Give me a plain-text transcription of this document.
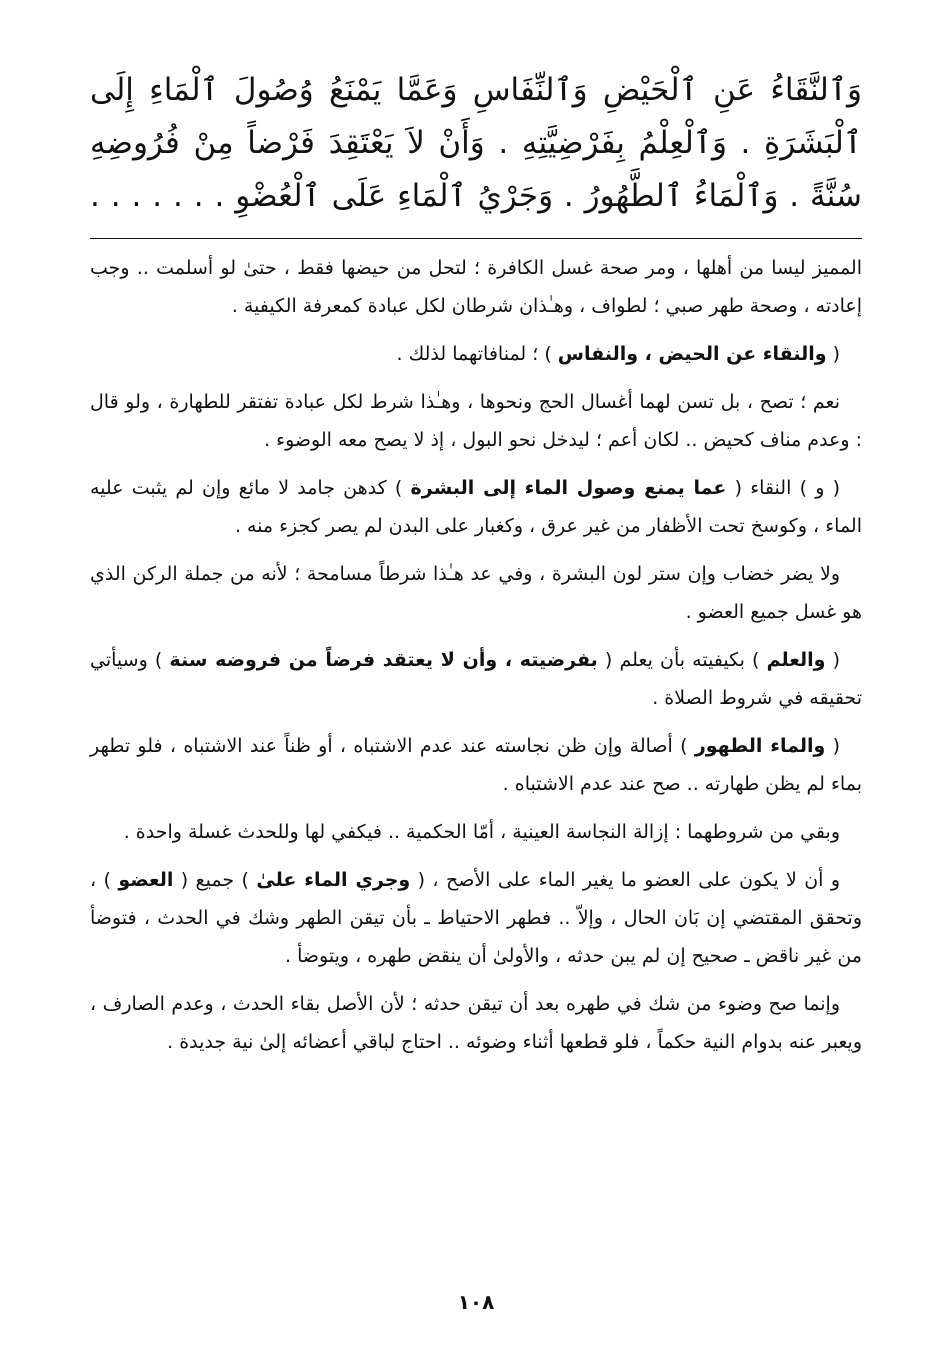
وَٱلنَّقَاءُ عَنِ ٱلْحَيْضِ وَٱلنِّفَاسِ وَعَمَّا يَمْنَعُ وُصُولَ ٱلْمَاءِ إِلَى ٱلْبَشَرَةِ . وَٱلْعِلْمُ بِفَرْضِيَّتِهِ . وَأَنْ لاَ يَعْتَقِدَ فَرْضاً مِنْ فُرُوضِهِ سُنَّةً . وَٱلْمَاءُ ٱلطَّهُورُ . وَجَرْيُ ٱلْمَاءِ عَلَى ٱلْعُضْوِ . . . . . . .

المميز ليسا من أهلها ، ومر صحة غسل الكافرة ؛ لتحل من حيضها فقط ، حتىٰ لو أسلمت .. وجب إعادته ، وصحة طهر صبي ؛ لطواف ، وهـٰذان شرطان لكل عبادة كمعرفة الكيفية .

( والنقاء عن الحيض ، والنفاس ) ؛ لمنافاتهما لذلك .

نعم ؛ تصح ، بل تسن لهما أغسال الحج ونحوها ، وهـٰذا شرط لكل عبادة تفتقر للطهارة ، ولو قال : وعدم مناف كحيض .. لكان أعم ؛ ليدخل نحو البول ، إذ لا يصح معه الوضوء .

( و ) النقاء ( عما يمنع وصول الماء إلى البشرة ) كدهن جامد لا مائع وإن لم يثبت عليه الماء ، وكوسخ تحت الأظفار من غير عرق ، وكغبار على البدن لم يصر كجزء منه .

ولا يضر خضاب وإن ستر لون البشرة ، وفي عد هـٰذا شرطاً مسامحة ؛ لأنه من جملة الركن الذي هو غسل جميع العضو .

( والعلم ) بكيفيته بأن يعلم ( بفرضيته ، وأن لا يعتقد فرضاً من فروضه سنة ) وسيأتي تحقيقه في شروط الصلاة .

( والماء الطهور ) أصالة وإن ظن نجاسته عند عدم الاشتباه ، أو ظناً عند الاشتباه ، فلو تطهر بماء لم يظن طهارته .. صح عند عدم الاشتباه .

وبقي من شروطهما : إزالة النجاسة العينية ، أمّا الحكمية .. فيكفي لها وللحدث غسلة واحدة .

و أن لا يكون على العضو ما يغير الماء على الأصح ، ( وجري الماء علىٰ ) جميع ( العضو ) ، وتحقق المقتضي إن بَان الحال ، وإلاّ .. فطهر الاحتياط ـ بأن تيقن الطهر وشك في الحدث ، فتوضأ من غير ناقض ـ صحيح إن لم يبن حدثه ، والأولىٰ أن ينقض طهره ، ويتوضأ .

وإنما صح وضوء من شك في طهره بعد أن تيقن حدثه ؛ لأن الأصل بقاء الحدث ، وعدم الصارف ، ويعبر عنه بدوام النية حكماً ، فلو قطعها أثناء وضوئه .. احتاج لباقي أعضائه إلىٰ نية جديدة .

١٠٨
